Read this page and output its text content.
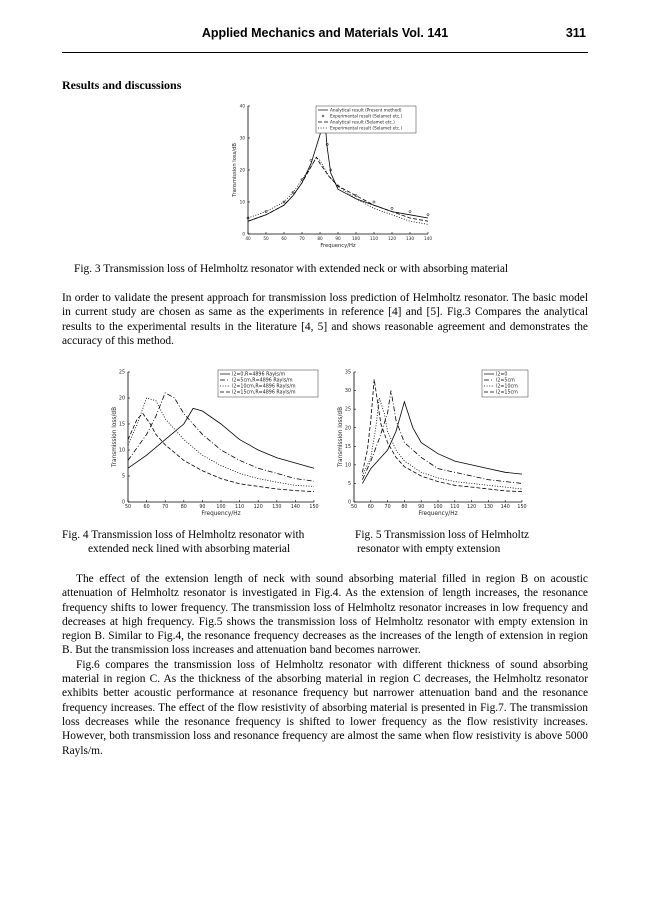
Applied Mechanics and Materials Vol. 141	311
Results and discussions
40	50	60	70	80	90	100 110 120 130 140
0
10
20
30
40
Frequency/Hz
Transmission loss/dB
Analytical result (Present method)
Experimental result (Selamet etc.)
Analytical result (Selamet etc.)
Experimental result (Selamet etc.)
Fig. 3 Transmission loss of Helmholtz resonator with extended neck or with absorbing material

In order to validate the present approach for transmission loss prediction of Helmholtz resonator. The basic model in current study are chosen as same as the experiments in reference [4] and [5]. Fig.3 Compares the analytical results to the experimental results in the literature [4, 5] and shows reasonable agreement and demonstrates the accuracy of this method.

50	60	70	80	90 100 110 120 130 140 150
0
5
10
15
20
25
Frequency/Hz
Transmission loss/dB
l2=0,R=4896 Rayls/m
l2=5cm,R=4896 Rayls/m
l2=10cm,R=4896 Rayls/m
l2=15cm,R=4896 Rayls/m
50 60 70 80 90 100 110 120 130 140 150
0
5
10
15
20
25
30
35
Frequency/Hz
Transmission loss/dB
l2=0
l2=5cm
l2=10cm
l2=15cm
Fig. 4 Transmission loss of Helmholtz resonator with
extended neck lined with absorbing material
Fig. 5 Transmission loss of Helmholtz
resonator with empty extension

The effect of the extension length of neck with sound absorbing material filled in region B on acoustic attenuation of Helmholtz resonator is investigated in Fig.4. As the extension of length increases, the resonance frequency shifts to lower frequency. The transmission loss of Helmholtz resonator increases in low frequency and decreases at high frequency. Fig.5 shows the transmission loss of Helmholtz resonator with empty extension in region B. Similar to Fig.4, the resonance frequency decreases as the increases of the length of extension in region B. But the transmission loss increases and attenuation band becomes narrower.

Fig.6 compares the transmission loss of Helmholtz resonator with different thickness of sound absorbing material in region C. As the thickness of the absorbing material in region C decreases, the Helmholtz resonator exhibits better acoustic performance at resonance frequency but narrower attenuation band and the resonance frequency increases. The effect of the flow resistivity of absorbing material is presented in Fig.7. The transmission loss decreases while the resonance frequency is shifted to lower frequency as the flow resistivity increases. However, both transmission loss and resonance frequency are almost the same when flow resistivity is above 5000 Rayls/m.
